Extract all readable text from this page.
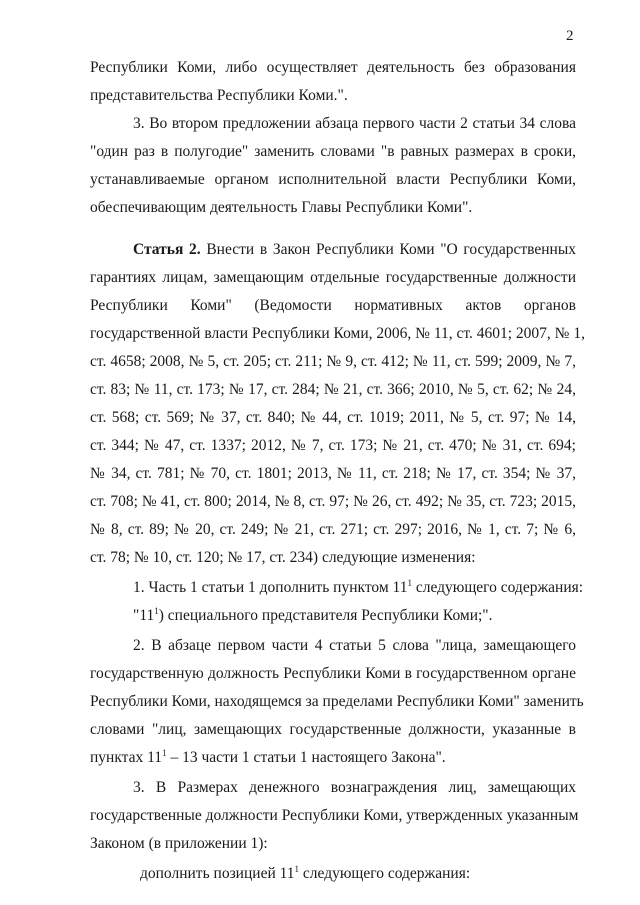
2
Республики Коми, либо осуществляет деятельность без образования
представительства Республики Коми.".
3. Во втором предложении абзаца первого части 2 статьи 34 слова
"один раз в полугодие" заменить словами "в равных размерах в сроки,
устанавливаемые органом исполнительной власти Республики Коми,
обеспечивающим деятельность Главы Республики Коми".
Статья 2. Внести в Закон Республики Коми "О государственных
гарантиях лицам, замещающим отдельные государственные должности
Республики Коми" (Ведомости нормативных актов органов
государственной власти Республики Коми, 2006, № 11, ст. 4601; 2007, № 1,
ст. 4658; 2008, № 5, ст. 205; ст. 211; № 9, ст. 412; № 11, ст. 599; 2009, № 7,
ст. 83; № 11, ст. 173; № 17, ст. 284; № 21, ст. 366; 2010, № 5, ст. 62; № 24,
ст. 568; ст. 569; № 37, ст. 840; № 44, ст. 1019; 2011, № 5, ст. 97; № 14,
ст. 344; № 47, ст. 1337; 2012, № 7, ст. 173; № 21, ст. 470; № 31, ст. 694;
№ 34, ст. 781; № 70, ст. 1801; 2013, № 11, ст. 218; № 17, ст. 354; № 37,
ст. 708; № 41, ст. 800; 2014, № 8, ст. 97; № 26, ст. 492; № 35, ст. 723; 2015,
№ 8, ст. 89; № 20, ст. 249; № 21, ст. 271; ст. 297; 2016, № 1, ст. 7; № 6,
ст. 78; № 10, ст. 120; № 17, ст. 234) следующие изменения:
1. Часть 1 статьи 1 дополнить пунктом $11^1$ следующего содержания:
"$11^1$) специального представителя Республики Коми;".
2. В абзаце первом части 4 статьи 5 слова "лица, замещающего
государственную должность Республики Коми в государственном органе
Республики Коми, находящемся за пределами Республики Коми" заменить
словами "лиц, замещающих государственные должности, указанные в
пунктах $11^1 - 13$ части 1 статьи 1 настоящего Закона".
3. В Размерах денежного вознаграждения лиц, замещающих
государственные должности Республики Коми, утвержденных указанным
Законом (в приложении 1):
дополнить позицией $11^1$ следующего содержания:
